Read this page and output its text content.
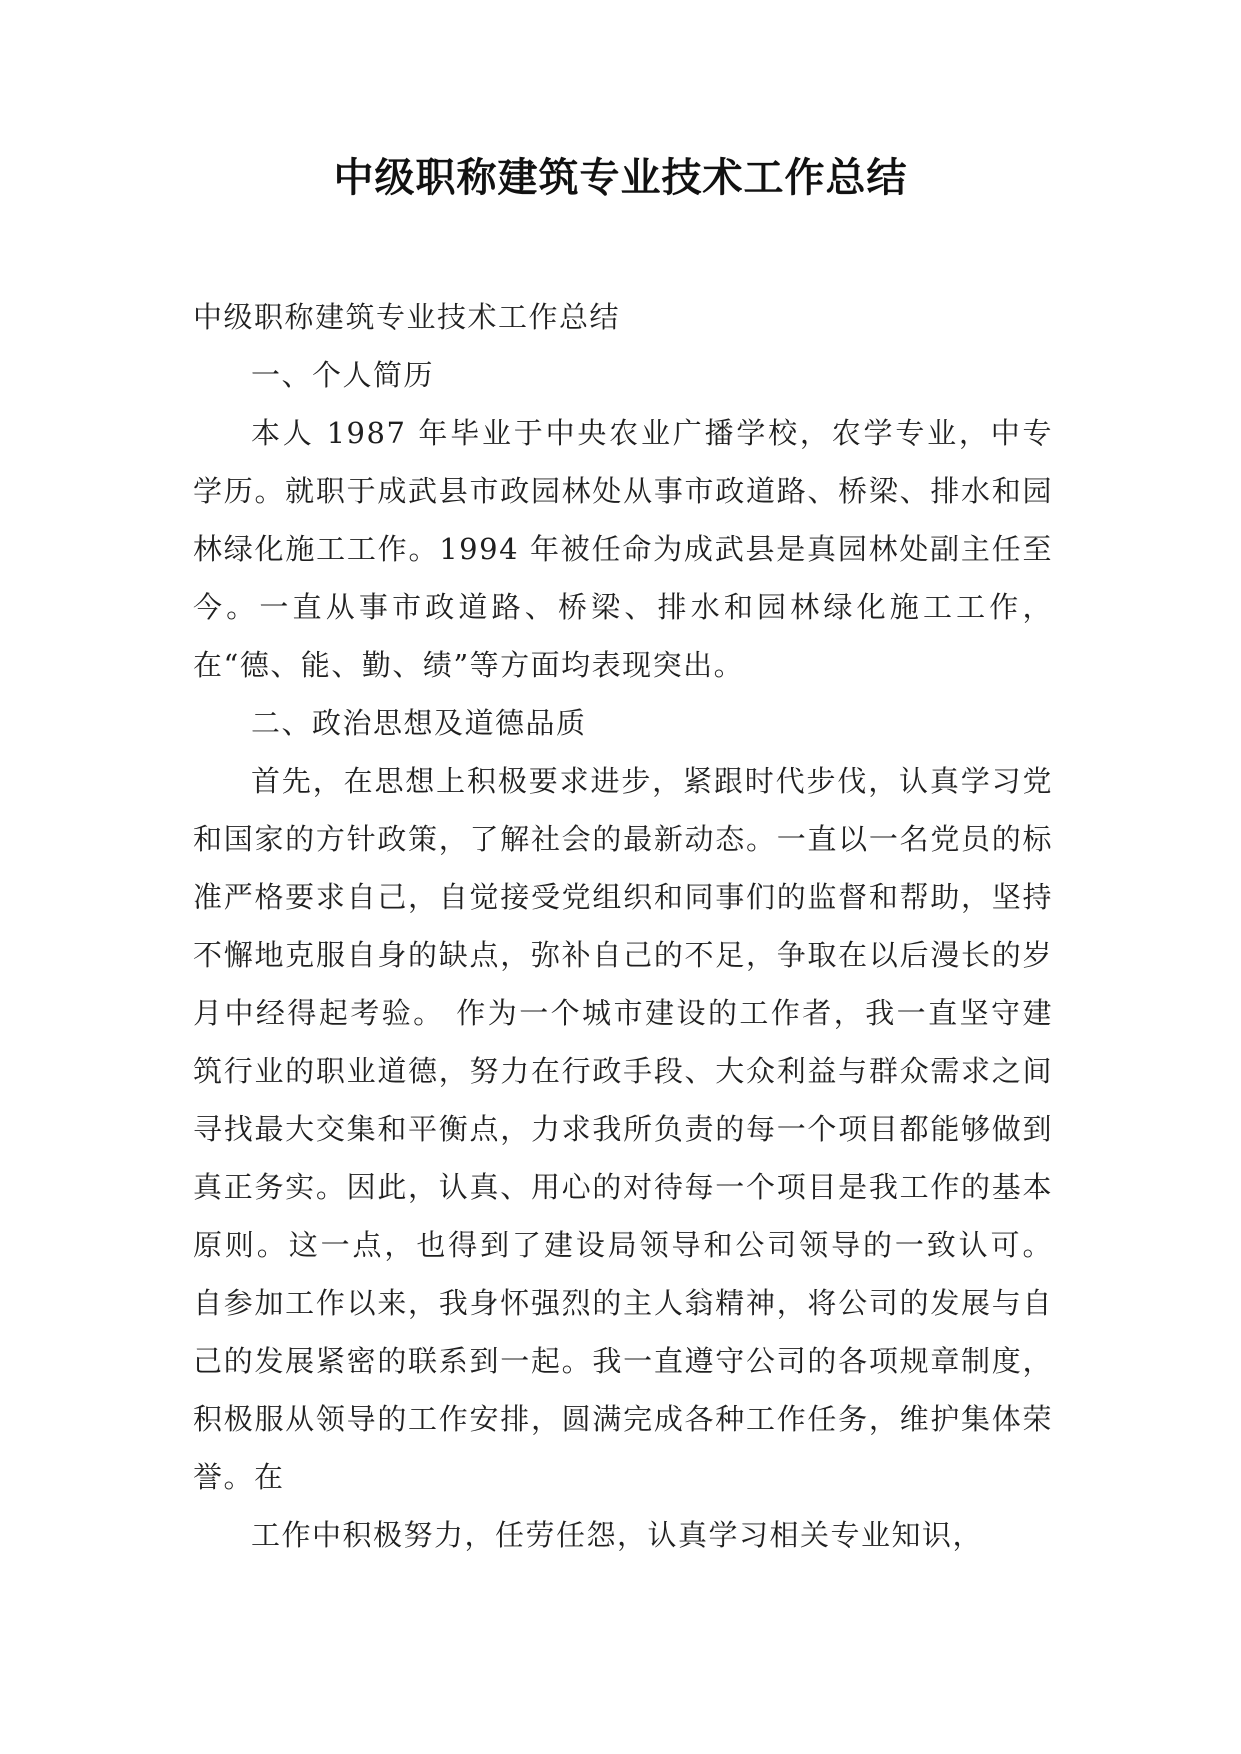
中级职称建筑专业技术工作总结

中级职称建筑专业技术工作总结

一、个人简历

本人 1987 年毕业于中央农业广播学校，农学专业，中专学历。就职于成武县市政园林处从事市政道路、桥梁、排水和园林绿化施工工作。1994 年被任命为成武县是真园林处副主任至今。一直从事市政道路、桥梁、排水和园林绿化施工工作，在“德、能、勤、绩”等方面均表现突出。

二、政治思想及道德品质

首先，在思想上积极要求进步，紧跟时代步伐，认真学习党和国家的方针政策，了解社会的最新动态。一直以一名党员的标准严格要求自己，自觉接受党组织和同事们的监督和帮助，坚持不懈地克服自身的缺点，弥补自己的不足，争取在以后漫长的岁月中经得起考验。 作为一个城市建设的工作者，我一直坚守建筑行业的职业道德，努力在行政手段、大众利益与群众需求之间寻找最大交集和平衡点，力求我所负责的每一个项目都能够做到真正务实。因此，认真、用心的对待每一个项目是我工作的基本原则。这一点，也得到了建设局领导和公司领导的一致认可。 自参加工作以来，我身怀强烈的主人翁精神，将公司的发展与自己的发展紧密的联系到一起。我一直遵守公司的各项规章制度，积极服从领导的工作安排，圆满完成各种工作任务，维护集体荣誉。在

工作中积极努力，任劳任怨，认真学习相关专业知识，
